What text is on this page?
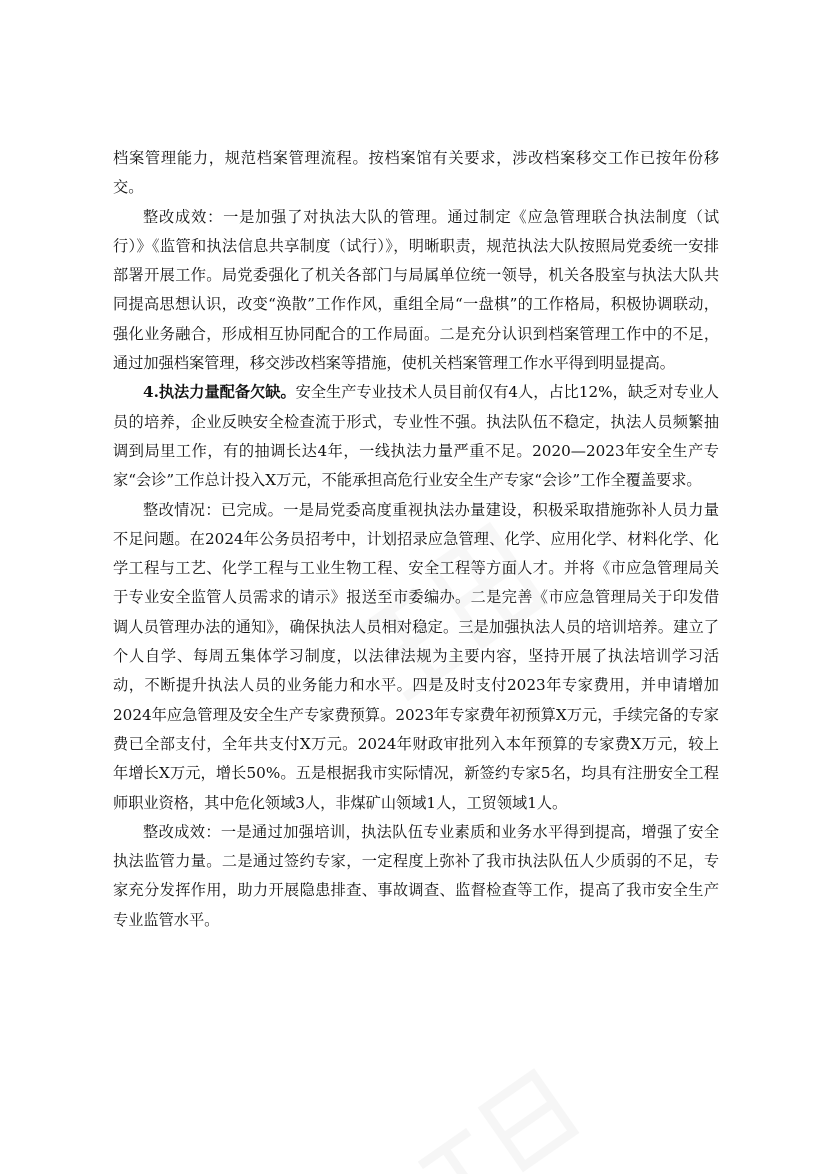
档案管理能力，规范档案管理流程。按档案馆有关要求，涉改档案移交工作已按年份移交。

整改成效：一是加强了对执法大队的管理。通过制定《应急管理联合执法制度（试行）》《监管和执法信息共享制度（试行）》，明晰职责，规范执法大队按照局党委统一安排部署开展工作。局党委强化了机关各部门与局属单位统一领导，机关各股室与执法大队共同提高思想认识，改变“涣散”工作作风，重组全局“一盘棋”的工作格局，积极协调联动，强化业务融合，形成相互协同配合的工作局面。二是充分认识到档案管理工作中的不足，通过加强档案管理，移交涉改档案等措施，使机关档案管理工作水平得到明显提高。

4.执法力量配备欠缺。安全生产专业技术人员目前仅有4人，占比12%，缺乏对专业人员的培养，企业反映安全检查流于形式，专业性不强。执法队伍不稳定，执法人员频繁抽调到局里工作，有的抽调长达4年，一线执法力量严重不足。2020—2023年安全生产专家“会诊”工作总计投入X万元，不能承担高危行业安全生产专家“会诊”工作全覆盖要求。

整改情况：已完成。一是局党委高度重视执法办量建设，积极采取措施弥补人员力量不足问题。在2024年公务员招考中，计划招录应急管理、化学、应用化学、材料化学、化学工程与工艺、化学工程与工业生物工程、安全工程等方面人才。并将《市应急管理局关于专业安全监管人员需求的请示》报送至市委编办。二是完善《市应急管理局关于印发借调人员管理办法的通知》，确保执法人员相对稳定。三是加强执法人员的培训培养。建立了个人自学、每周五集体学习制度，以法律法规为主要内容，坚持开展了执法培训学习活动，不断提升执法人员的业务能力和水平。四是及时支付2023年专家费用，并申请增加2024年应急管理及安全生产专家费预算。2023年专家费年初预算X万元，手续完备的专家费已全部支付，全年共支付X万元。2024年财政审批列入本年预算的专家费X万元，较上年增长X万元，增长50%。五是根据我市实际情况，新签约专家5名，均具有注册安全工程师职业资格，其中危化领域3人，非煤矿山领域1人，工贸领域1人。

整改成效：一是通过加强培训，执法队伍专业素质和业务水平得到提高，增强了安全执法监管力量。二是通过签约专家，一定程度上弥补了我市执法队伍人少质弱的不足，专家充分发挥作用，助力开展隐患排查、事故调查、监督检查等工作，提高了我市安全生产专业监管水平。
